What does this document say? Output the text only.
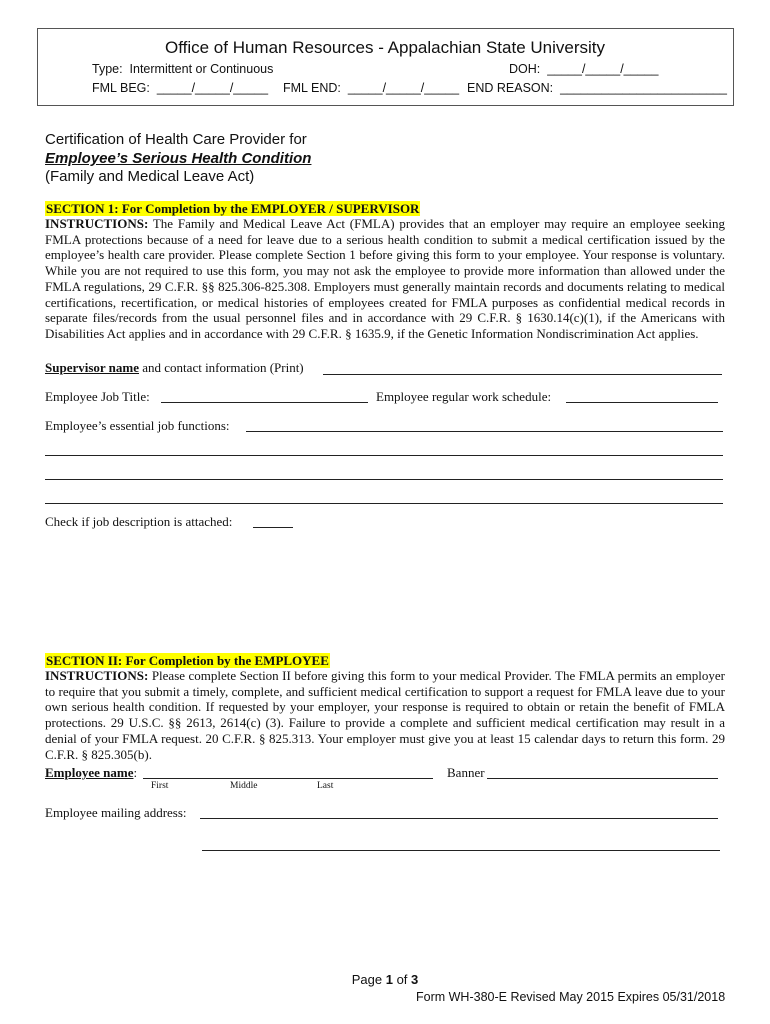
Office of Human Resources - Appalachian State University
Type:  Intermittent or Continuous	DOH:  _____/_____/_____
FML BEG:  _____/_____/_____ FML END:  _____/_____/_____ END REASON:  ________________________
Certification of Health Care Provider for
Employee’s Serious Health Condition
(Family and Medical Leave Act)
SECTION 1: For Completion by the EMPLOYER / SUPERVISOR
INSTRUCTIONS: The Family and Medical Leave Act (FMLA) provides that an employer may require an employee seeking FMLA protections because of a need for leave due to a serious health condition to submit a medical certification issued by the employee’s health care provider. Please complete Section 1 before giving this form to your employee. Your response is voluntary. While you are not required to use this form, you may not ask the employee to provide more information than allowed under the FMLA regulations, 29 C.F.R. §§ 825.306-825.308. Employers must generally maintain records and documents relating to medical certifications, recertification, or medical histories of employees created for FMLA purposes as confidential medical records in separate files/records from the usual personnel files and in accordance with 29 C.F.R. § 1630.14(c)(1), if the Americans with Disabilities Act applies and in accordance with 29 C.F.R. § 1635.9, if the Genetic Information Nondiscrimination Act applies.
Supervisor name and contact information (Print)
Employee Job Title:	Employee regular work schedule:
Employee’s essential job functions:
Check if job description is attached:
SECTION II: For Completion by the EMPLOYEE
INSTRUCTIONS: Please complete Section II before giving this form to your medical Provider. The FMLA permits an employer to require that you submit a timely, complete, and sufficient medical certification to support a request for FMLA leave due to your own serious health condition. If requested by your employer, your response is required to obtain or retain the benefit of FMLA protections. 29 U.S.C. §§ 2613, 2614(c) (3). Failure to provide a complete and sufficient medical certification may result in a denial of your FMLA request. 20 C.F.R. § 825.313. Your employer must give you at least 15 calendar days to return this form. 29 C.F.R. § 825.305(b).
Employee name:	Banner
First	Middle	Last
Employee mailing address:
Page 1 of 3
Form WH-380-E Revised May 2015 Expires 05/31/2018
